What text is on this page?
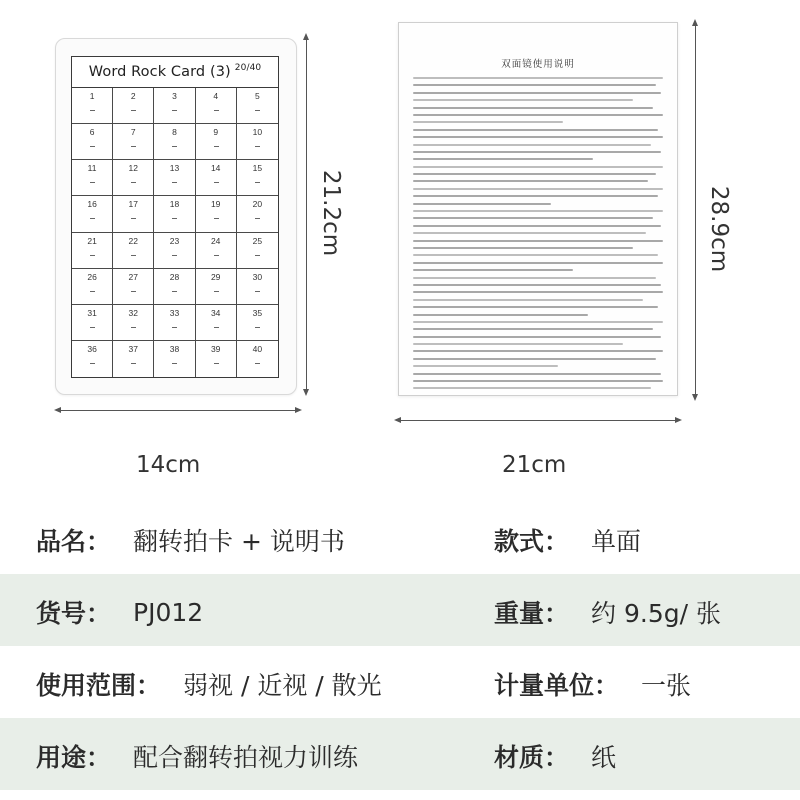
Word Rock Card (3) 20/40
1	2	3	4	5
6	7	8	9	10
11	12	13	14	15
16	17	18	19	20
21	22	23	24	25
26	27	28	29	30
31	32	33	34	35
36	37	38	39	40
21.2cm
14cm
双面镜使用说明
28.9cm
21cm
品名： 翻转拍卡 + 说明书	款式： 单面
货号： PJ012	重量： 约 9.5g/ 张
使用范围： 弱视 / 近视 / 散光	计量单位： 一张
用途： 配合翻转拍视力训练	材质： 纸
